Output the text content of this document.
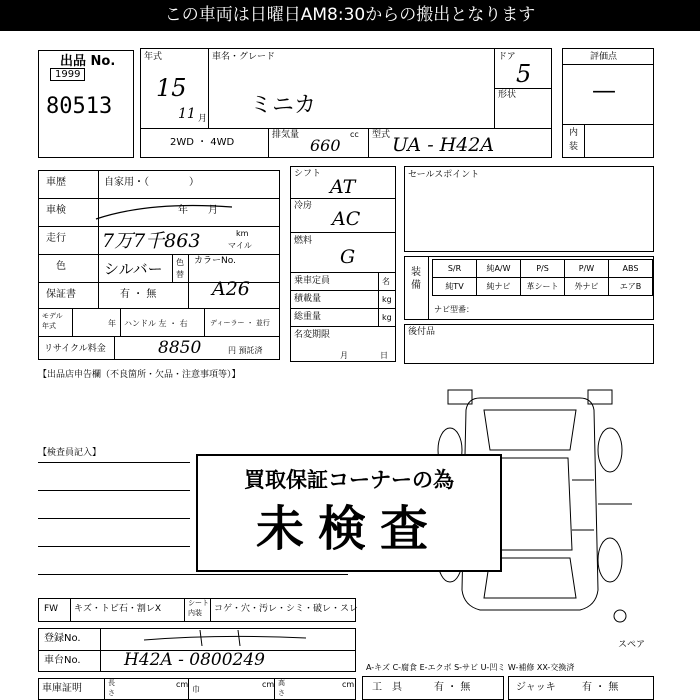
この車両は日曜日AM8:30からの搬出となります
出品 No.
1999
80513
年式
15
11 月
車名・グレード
ミニカ
ドア
5
形状
2WD ・ 4WD
排気量	cc
660
型式 UA - H42A
評価点
—
内
装
車歴	自家用・（　　　　）
車検	年　　月
走行 7万7千863	km
マイル
色	シルバー 色
替
カラーNo.
A26
保証書	有 ・ 無
モデル
年式	年 ハンドル 左 ・ 右	ディーラー ・ 並行
リサイクル料金	8850	円 預託済
シフト
AT
冷房
AC
燃料
G
乗車定員	名
積載量	kg
総重量	kg
名変期限
月	日
セールスポイント
装備
S/R	純A/W	P/S	P/W	ABS
純TV	純ナビ	革シート	外ナビ	エアB
ナビ型番：
後付品
【出品店申告欄（不良箇所・欠品・注意事項等）】
【検査員記入】
スペア
買取保証コーナーの為
未検査
FW キズ・トビ石・割レX
シート
内装 コゲ・穴・汚レ・シミ・破レ・スレ
登録No.
車台No.	H42A - 0800249
車庫証明	長
さ
cm
巾
cm 高
さ
cm
A-キズ C-腐食 E-エクボ S-サビ U-凹ミ W-補修 XX-交換済
工　具	有 ・ 無	ジャッキ	有 ・ 無
